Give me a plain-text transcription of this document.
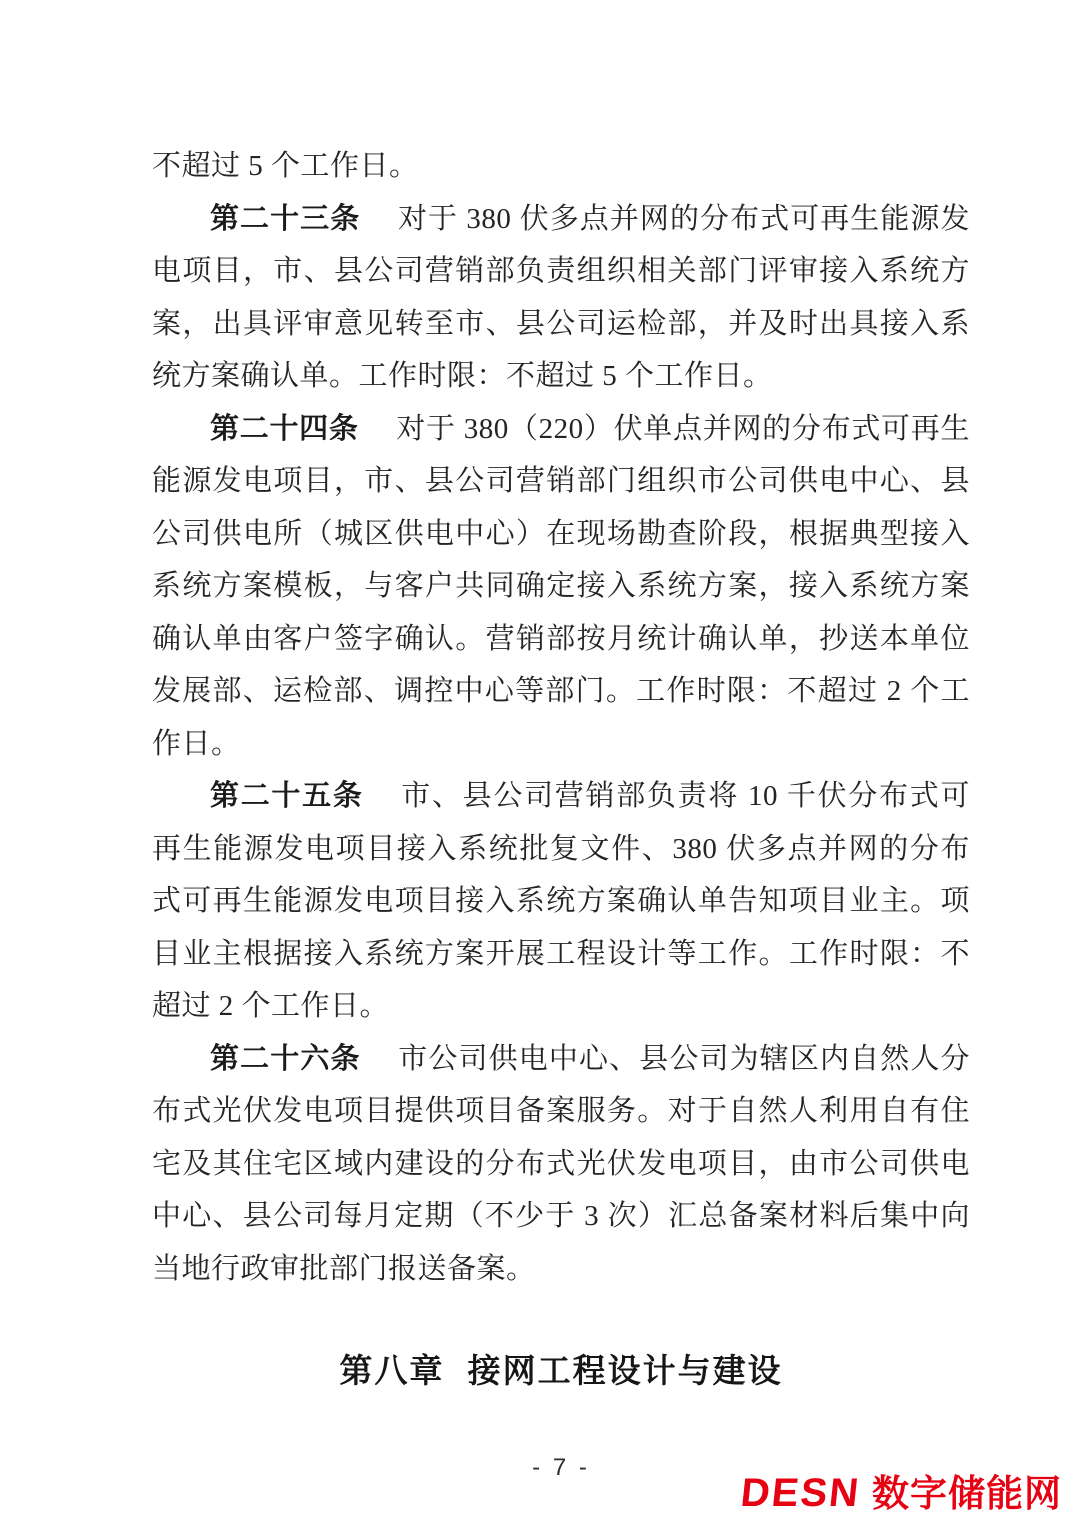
不超过 5 个工作日。

第二十三条 对于 380 伏多点并网的分布式可再生能源发电项目，市、县公司营销部负责组织相关部门评审接入系统方案，出具评审意见转至市、县公司运检部，并及时出具接入系统方案确认单。工作时限：不超过 5 个工作日。

第二十四条 对于 380（220）伏单点并网的分布式可再生能源发电项目，市、县公司营销部门组织市公司供电中心、县公司供电所（城区供电中心）在现场勘查阶段，根据典型接入系统方案模板，与客户共同确定接入系统方案，接入系统方案确认单由客户签字确认。营销部按月统计确认单，抄送本单位发展部、运检部、调控中心等部门。工作时限：不超过 2 个工作日。

第二十五条 市、县公司营销部负责将 10 千伏分布式可再生能源发电项目接入系统批复文件、380 伏多点并网的分布式可再生能源发电项目接入系统方案确认单告知项目业主。项目业主根据接入系统方案开展工程设计等工作。工作时限：不超过 2 个工作日。

第二十六条 市公司供电中心、县公司为辖区内自然人分布式光伏发电项目提供项目备案服务。对于自然人利用自有住宅及其住宅区域内建设的分布式光伏发电项目，由市公司供电中心、县公司每月定期（不少于 3 次）汇总备案材料后集中向当地行政审批部门报送备案。

第八章 接网工程设计与建设
- 7 -
DESN 数字储能网
